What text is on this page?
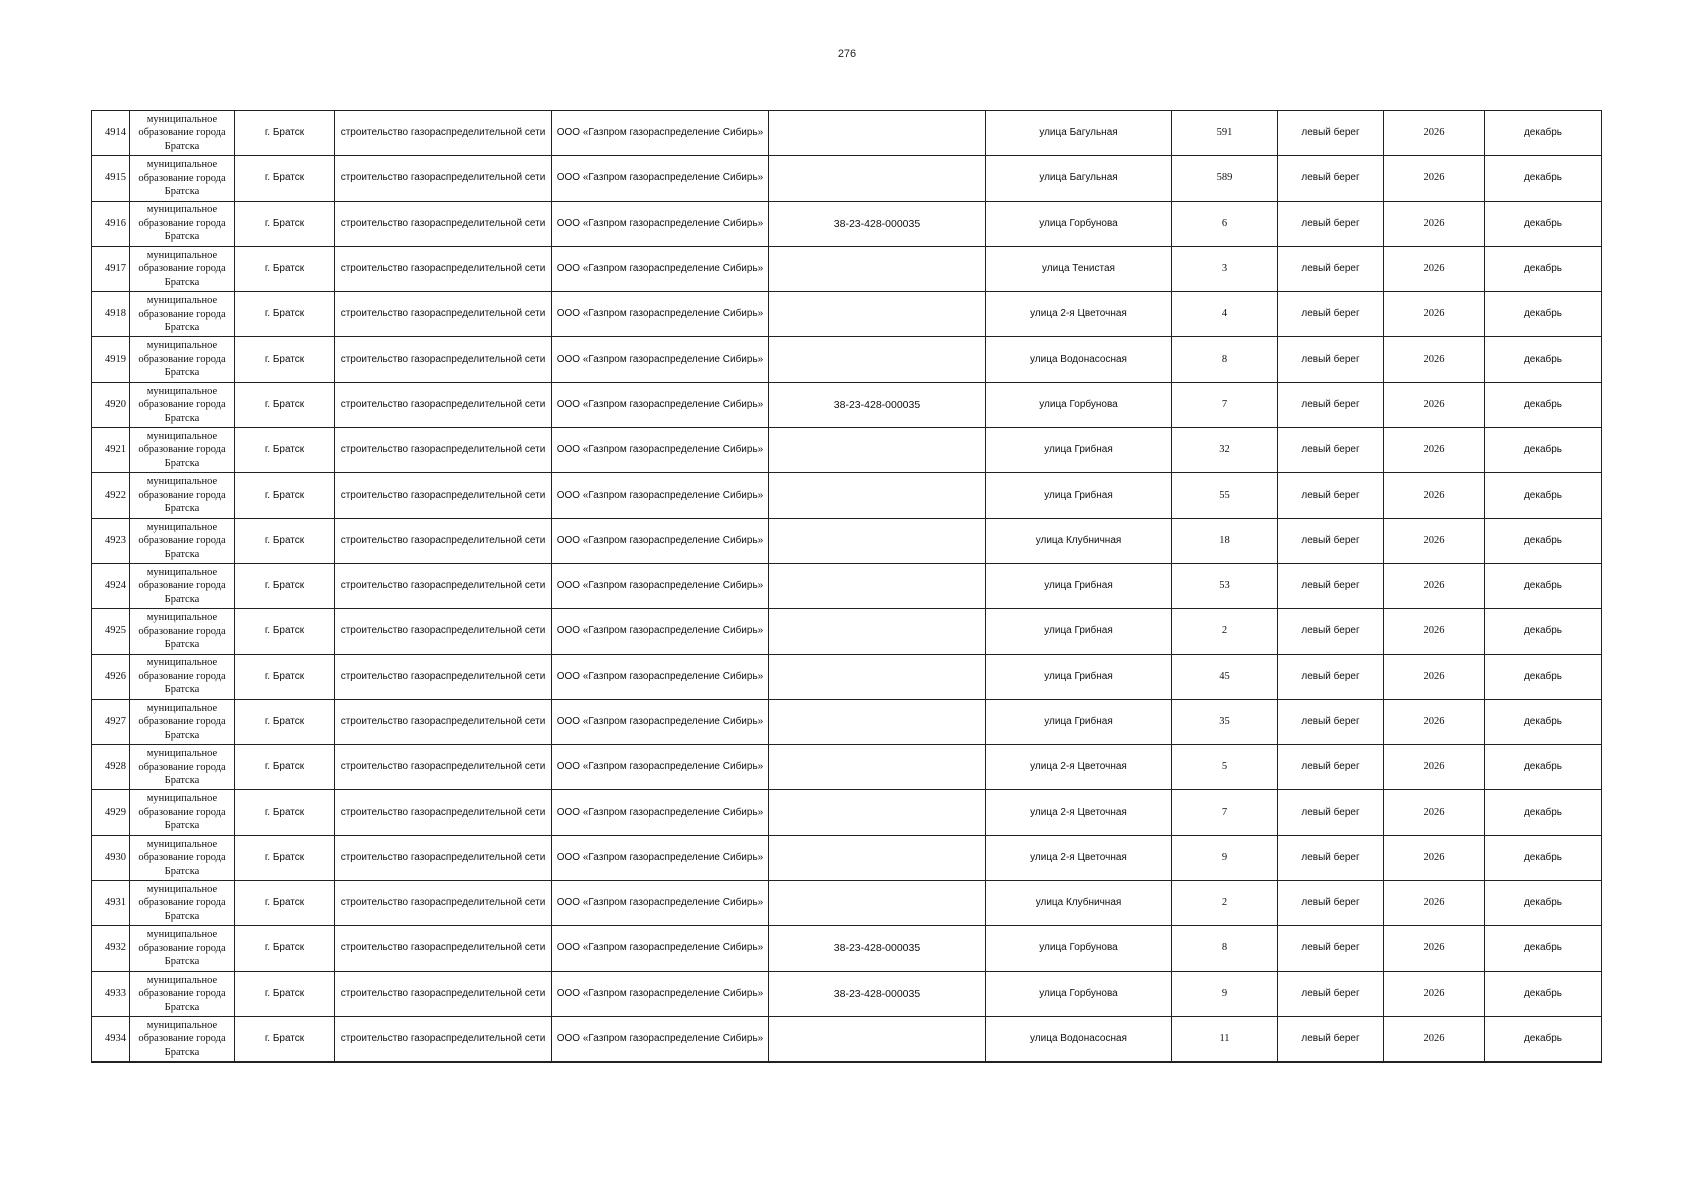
276
4914	муниципальное образование города Братска	г. Братск	строительство газораспределительной сети	ООО «Газпром газораспределение Сибирь»		улица Багульная	591	левый берег	2026	декабрь
4915	муниципальное образование города Братска	г. Братск	строительство газораспределительной сети	ООО «Газпром газораспределение Сибирь»		улица Багульная	589	левый берег	2026	декабрь
4916	муниципальное образование города Братска	г. Братск	строительство газораспределительной сети	ООО «Газпром газораспределение Сибирь»	38-23-428-000035	улица Горбунова	6	левый берег	2026	декабрь
4917	муниципальное образование города Братска	г. Братск	строительство газораспределительной сети	ООО «Газпром газораспределение Сибирь»		улица Тенистая	3	левый берег	2026	декабрь
4918	муниципальное образование города Братска	г. Братск	строительство газораспределительной сети	ООО «Газпром газораспределение Сибирь»		улица 2-я Цветочная	4	левый берег	2026	декабрь
4919	муниципальное образование города Братска	г. Братск	строительство газораспределительной сети	ООО «Газпром газораспределение Сибирь»		улица Водонасосная	8	левый берег	2026	декабрь
4920	муниципальное образование города Братска	г. Братск	строительство газораспределительной сети	ООО «Газпром газораспределение Сибирь»	38-23-428-000035	улица Горбунова	7	левый берег	2026	декабрь
4921	муниципальное образование города Братска	г. Братск	строительство газораспределительной сети	ООО «Газпром газораспределение Сибирь»		улица Грибная	32	левый берег	2026	декабрь
4922	муниципальное образование города Братска	г. Братск	строительство газораспределительной сети	ООО «Газпром газораспределение Сибирь»		улица Грибная	55	левый берег	2026	декабрь
4923	муниципальное образование города Братска	г. Братск	строительство газораспределительной сети	ООО «Газпром газораспределение Сибирь»		улица Клубничная	18	левый берег	2026	декабрь
4924	муниципальное образование города Братска	г. Братск	строительство газораспределительной сети	ООО «Газпром газораспределение Сибирь»		улица Грибная	53	левый берег	2026	декабрь
4925	муниципальное образование города Братска	г. Братск	строительство газораспределительной сети	ООО «Газпром газораспределение Сибирь»		улица Грибная	2	левый берег	2026	декабрь
4926	муниципальное образование города Братска	г. Братск	строительство газораспределительной сети	ООО «Газпром газораспределение Сибирь»		улица Грибная	45	левый берег	2026	декабрь
4927	муниципальное образование города Братска	г. Братск	строительство газораспределительной сети	ООО «Газпром газораспределение Сибирь»		улица Грибная	35	левый берег	2026	декабрь
4928	муниципальное образование города Братска	г. Братск	строительство газораспределительной сети	ООО «Газпром газораспределение Сибирь»		улица 2-я Цветочная	5	левый берег	2026	декабрь
4929	муниципальное образование города Братска	г. Братск	строительство газораспределительной сети	ООО «Газпром газораспределение Сибирь»		улица 2-я Цветочная	7	левый берег	2026	декабрь
4930	муниципальное образование города Братска	г. Братск	строительство газораспределительной сети	ООО «Газпром газораспределение Сибирь»		улица 2-я Цветочная	9	левый берег	2026	декабрь
4931	муниципальное образование города Братска	г. Братск	строительство газораспределительной сети	ООО «Газпром газораспределение Сибирь»		улица Клубничная	2	левый берег	2026	декабрь
4932	муниципальное образование города Братска	г. Братск	строительство газораспределительной сети	ООО «Газпром газораспределение Сибирь»	38-23-428-000035	улица Горбунова	8	левый берег	2026	декабрь
4933	муниципальное образование города Братска	г. Братск	строительство газораспределительной сети	ООО «Газпром газораспределение Сибирь»	38-23-428-000035	улица Горбунова	9	левый берег	2026	декабрь
4934	муниципальное образование города Братска	г. Братск	строительство газораспределительной сети	ООО «Газпром газораспределение Сибирь»		улица Водонасосная	11	левый берег	2026	декабрь
